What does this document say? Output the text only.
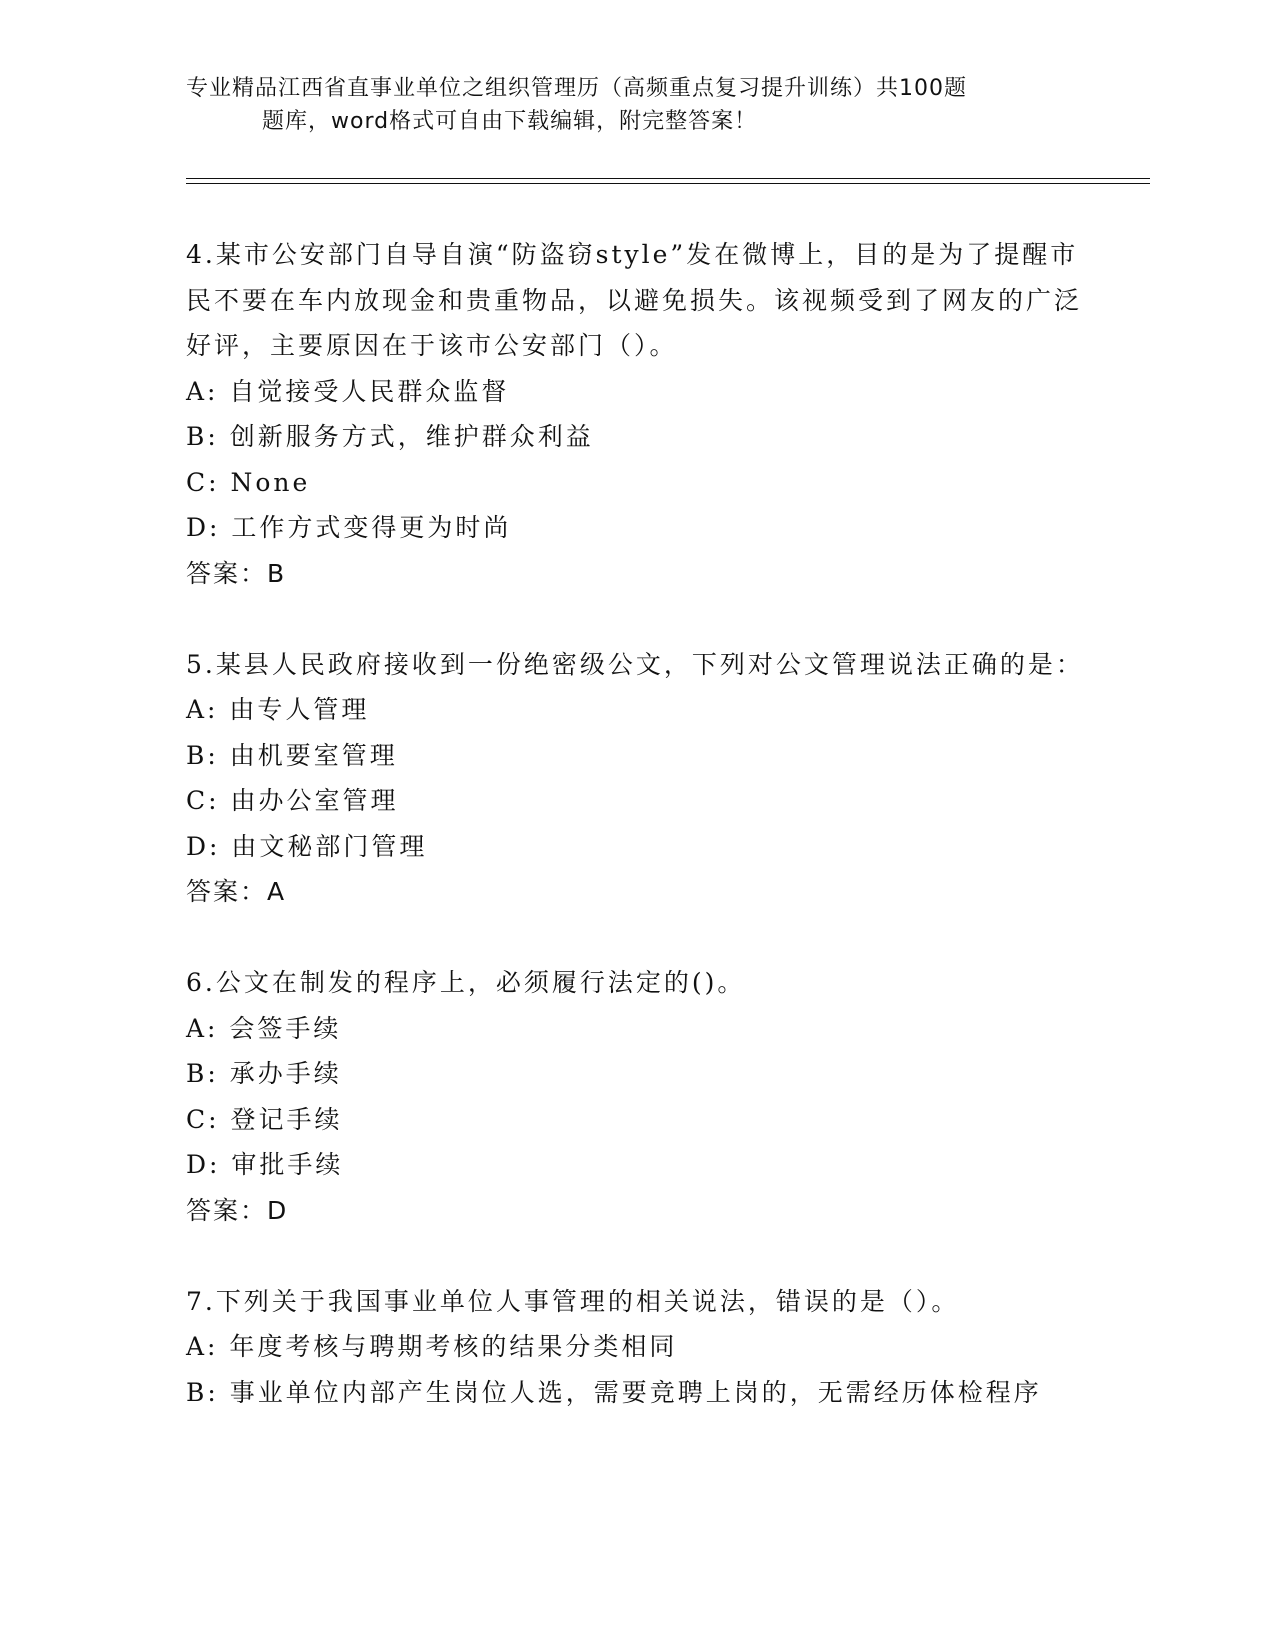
专业精品江西省直事业单位之组织管理历（高频重点复习提升训练）共100题
题库，word格式可自由下载编辑，附完整答案！

4.某市公安部门自导自演“防盗窃style”发在微博上，目的是为了提醒市民不要在车内放现金和贵重物品，以避免损失。该视频受到了网友的广泛好评，主要原因在于该市公安部门（）。

A: 自觉接受人民群众监督

B: 创新服务方式，维护群众利益

C: None

D: 工作方式变得更为时尚

答案：B

5.某县人民政府接收到一份绝密级公文，下列对公文管理说法正确的是：

A: 由专人管理

B: 由机要室管理

C: 由办公室管理

D: 由文秘部门管理

答案：A

6.公文在制发的程序上，必须履行法定的()。

A: 会签手续

B: 承办手续

C: 登记手续

D: 审批手续

答案：D

7.下列关于我国事业单位人事管理的相关说法，错误的是（）。

A: 年度考核与聘期考核的结果分类相同

B: 事业单位内部产生岗位人选，需要竞聘上岗的，无需经历体检程序
